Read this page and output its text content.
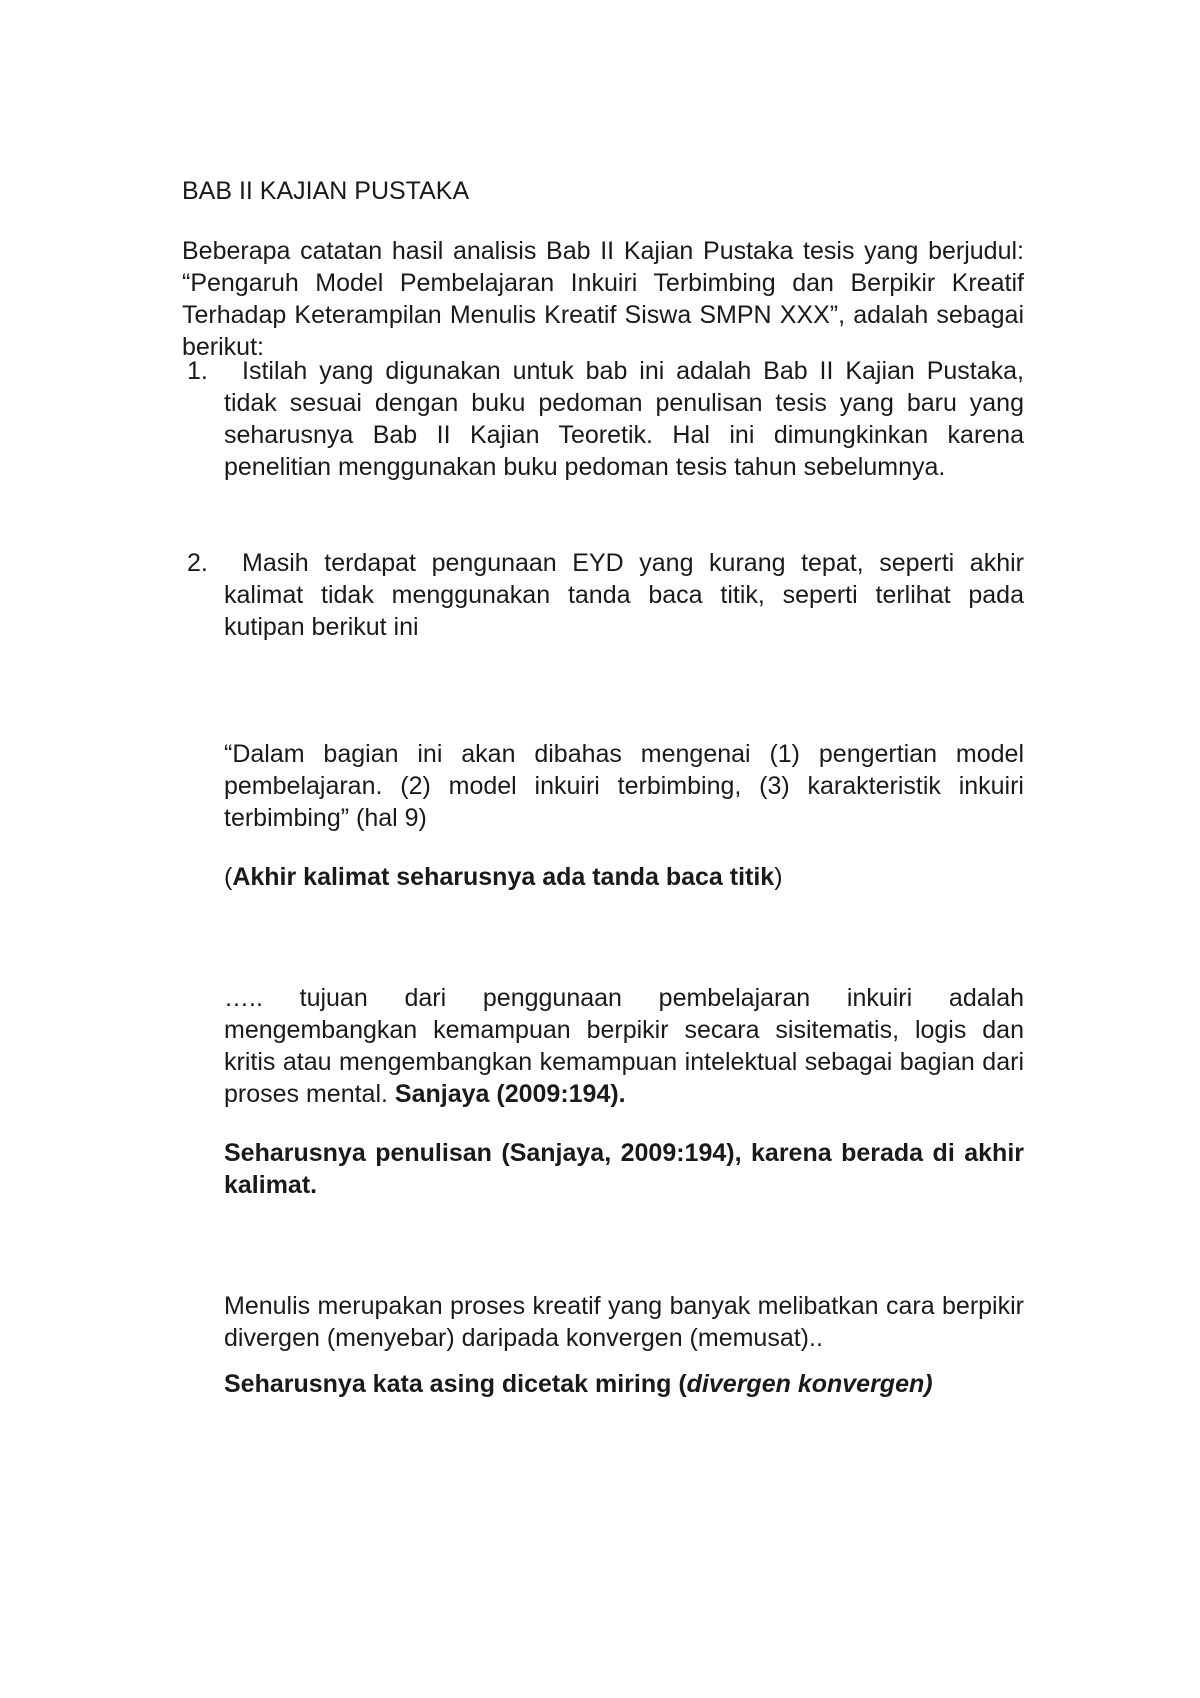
BAB II KAJIAN PUSTAKA

Beberapa catatan hasil analisis Bab II Kajian Pustaka tesis yang berjudul: “Pengaruh Model Pembelajaran Inkuiri Terbimbing dan Berpikir Kreatif Terhadap Keterampilan Menulis Kreatif Siswa SMPN XXX”, adalah sebagai berikut:

1.	Istilah yang digunakan untuk bab ini adalah Bab II Kajian Pustaka, tidak sesuai dengan buku pedoman penulisan tesis yang baru yang seharusnya Bab II Kajian Teoretik. Hal ini dimungkinkan karena penelitian menggunakan buku pedoman tesis tahun sebelumnya.
2.	Masih terdapat pengunaan EYD yang kurang tepat, seperti akhir kalimat tidak menggunakan tanda baca titik, seperti terlihat pada kutipan berikut ini

“Dalam bagian ini akan dibahas mengenai (1) pengertian model pembelajaran. (2) model inkuiri terbimbing, (3) karakteristik inkuiri terbimbing” (hal 9)

(Akhir kalimat seharusnya ada tanda baca titik)

….. tujuan dari penggunaan pembelajaran inkuiri adalah mengembangkan kemampuan berpikir secara sisitematis, logis dan kritis atau mengembangkan kemampuan intelektual sebagai bagian dari proses mental. Sanjaya (2009:194).

Seharusnya penulisan (Sanjaya, 2009:194), karena berada di akhir kalimat.

Menulis merupakan proses kreatif yang banyak melibatkan cara berpikir divergen (menyebar) daripada konvergen (memusat)..

Seharusnya kata asing dicetak miring (divergen konvergen)
